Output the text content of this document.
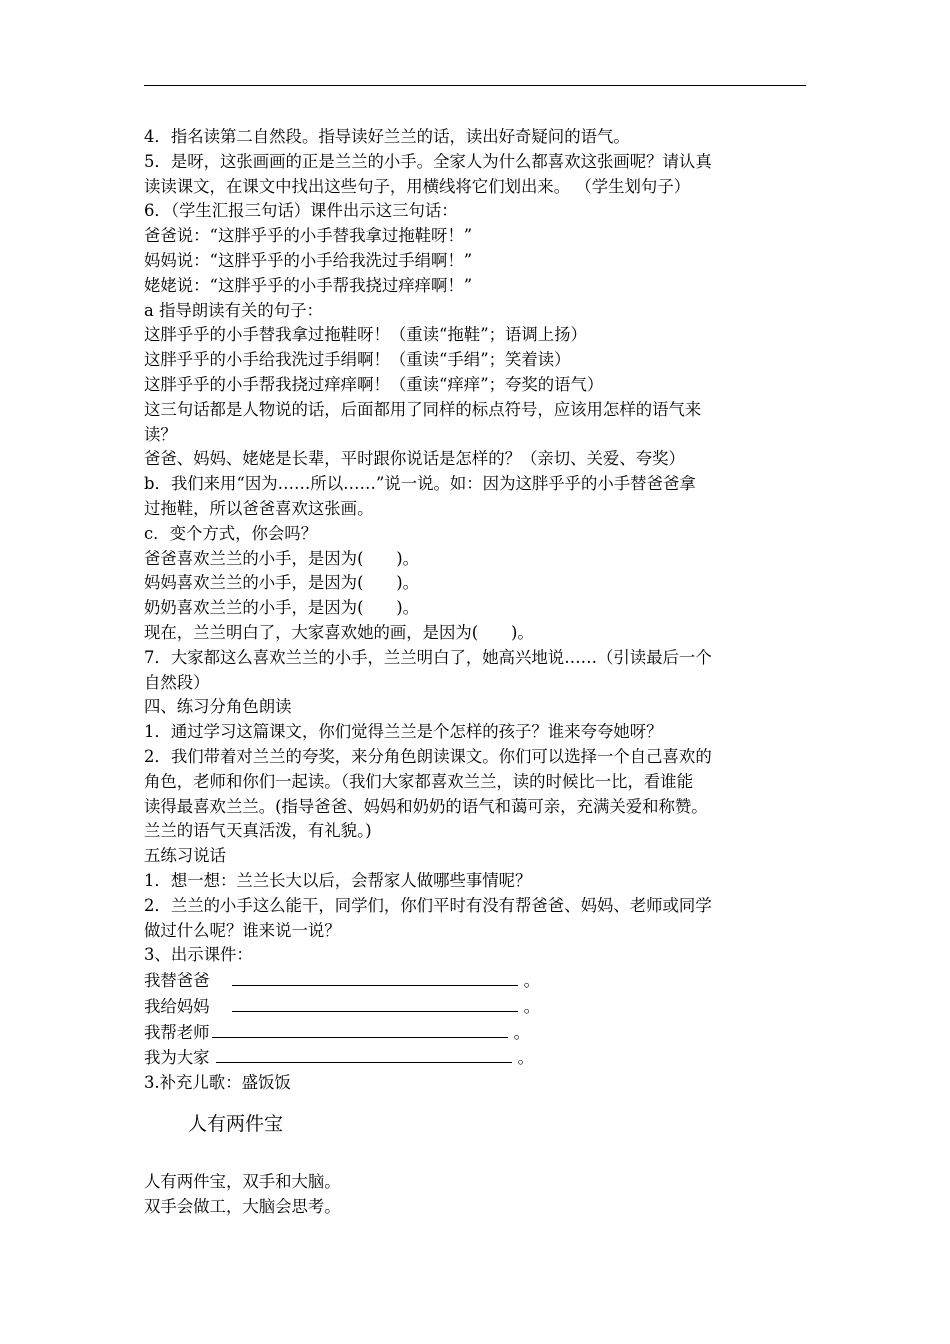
4．指名读第二自然段。指导读好兰兰的话，读出好奇疑问的语气。

5．是呀，这张画画的正是兰兰的小手。全家人为什么都喜欢这张画呢？请认真

读读课文，在课文中找出这些句子，用横线将它们划出来。 （学生划句子）

6．（学生汇报三句话）课件出示这三句话：

爸爸说：“这胖乎乎的小手替我拿过拖鞋呀！”

妈妈说：“这胖乎乎的小手给我洗过手绢啊！”

姥姥说：“这胖乎乎的小手帮我挠过痒痒啊！”

a 指导朗读有关的句子：

这胖乎乎的小手替我拿过拖鞋呀！（重读“拖鞋”；语调上扬）

这胖乎乎的小手给我洗过手绢啊！（重读“手绢”；笑着读）

这胖乎乎的小手帮我挠过痒痒啊！（重读“痒痒”；夸奖的语气）

这三句话都是人物说的话，后面都用了同样的标点符号，应该用怎样的语气来

读？

爸爸、妈妈、姥姥是长辈，平时跟你说话是怎样的？（亲切、关爱、夸奖）

b．我们来用“因为……所以……”说一说。如：因为这胖乎乎的小手替爸爸拿

过拖鞋，所以爸爸喜欢这张画。

c．变个方式，你会吗？

爸爸喜欢兰兰的小手，是因为(　　)。

妈妈喜欢兰兰的小手，是因为(　　)。

奶奶喜欢兰兰的小手，是因为(　　)。

现在，兰兰明白了，大家喜欢她的画，是因为(　　)。

7．大家都这么喜欢兰兰的小手，兰兰明白了，她高兴地说……（引读最后一个

自然段）

四、练习分角色朗读

1．通过学习这篇课文，你们觉得兰兰是个怎样的孩子？谁来夸夸她呀？

2．我们带着对兰兰的夸奖，来分角色朗读课文。你们可以选择一个自己喜欢的

角色，老师和你们一起读。（我们大家都喜欢兰兰，读的时候比一比，看谁能

读得最喜欢兰兰。(指导爸爸、妈妈和奶奶的语气和蔼可亲，充满关爱和称赞。

兰兰的语气天真活泼，有礼貌。)

五练习说话

1．想一想：兰兰长大以后，会帮家人做哪些事情呢？

2．兰兰的小手这么能干，同学们，你们平时有没有帮爸爸、妈妈、老师或同学

做过什么呢？谁来说一说？

3、出示课件：

我替爸爸	。

我给妈妈	。

我帮老师	。

我为大家	。

3.补充儿歌：盛饭饭

人有两件宝

人有两件宝，双手和大脑。

双手会做工，大脑会思考。
